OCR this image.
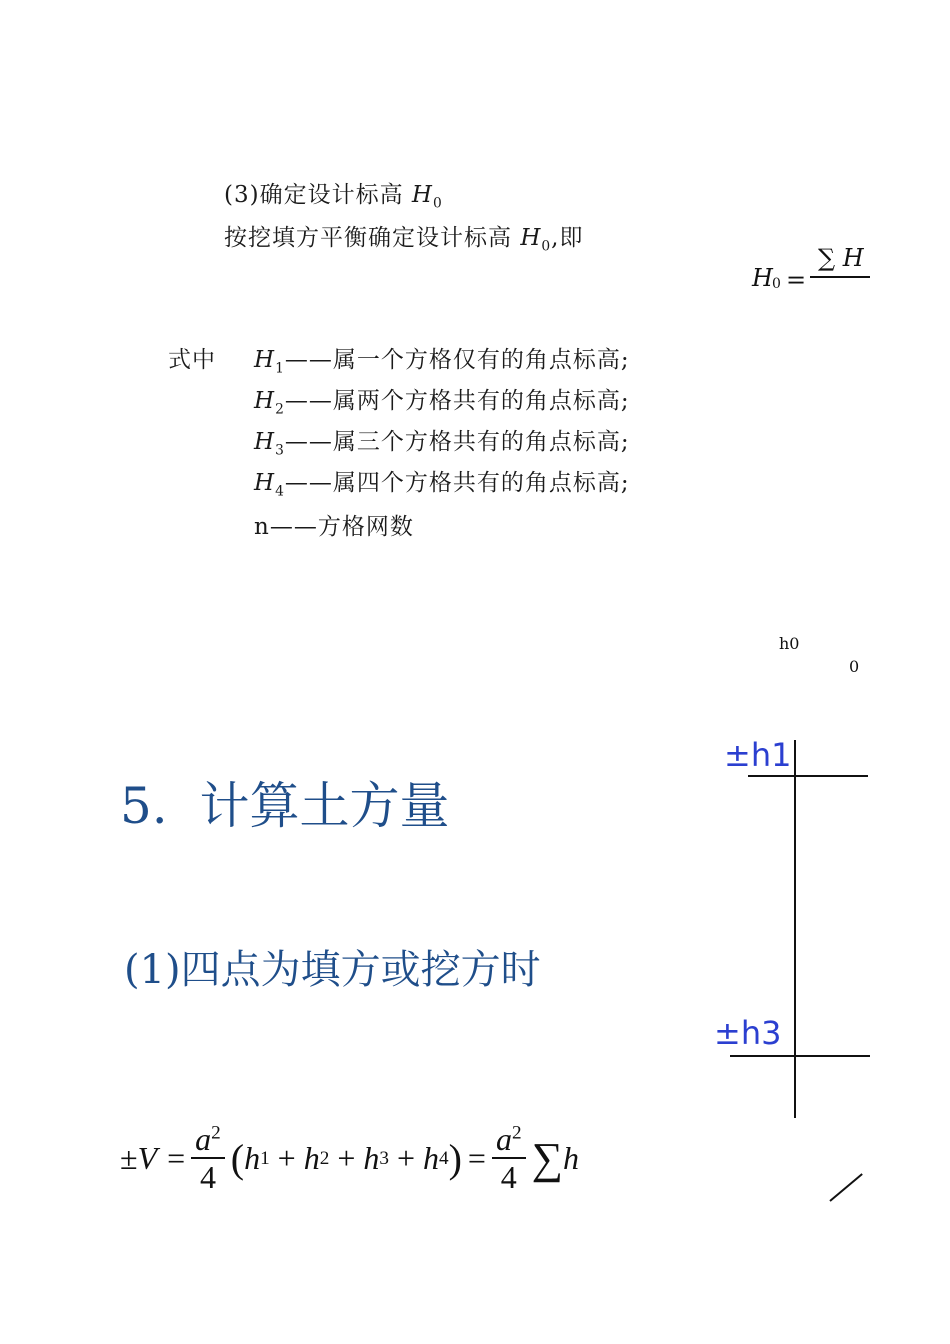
(3)确定设计标高 $H_0$
按挖填方平衡确定设计标高 $H_0$,即
H 0 =
∑ H
式中 $H_1——$属一个方格仅有的角点标高;
$H_2——$属两个方格共有的角点标高;
$H_3——$属三个方格共有的角点标高;
$H_4——$属四个方格共有的角点标高;
n——方格网数
h0
0
5.  计算土方量
(1)四点为填方或挖方时
±h1
±h3
± $V = \frac{a^2}{4}$ ( h 1 + h 2 + h 3 + h 4 ) = $\frac{a^2}{4}$ ∑ h
